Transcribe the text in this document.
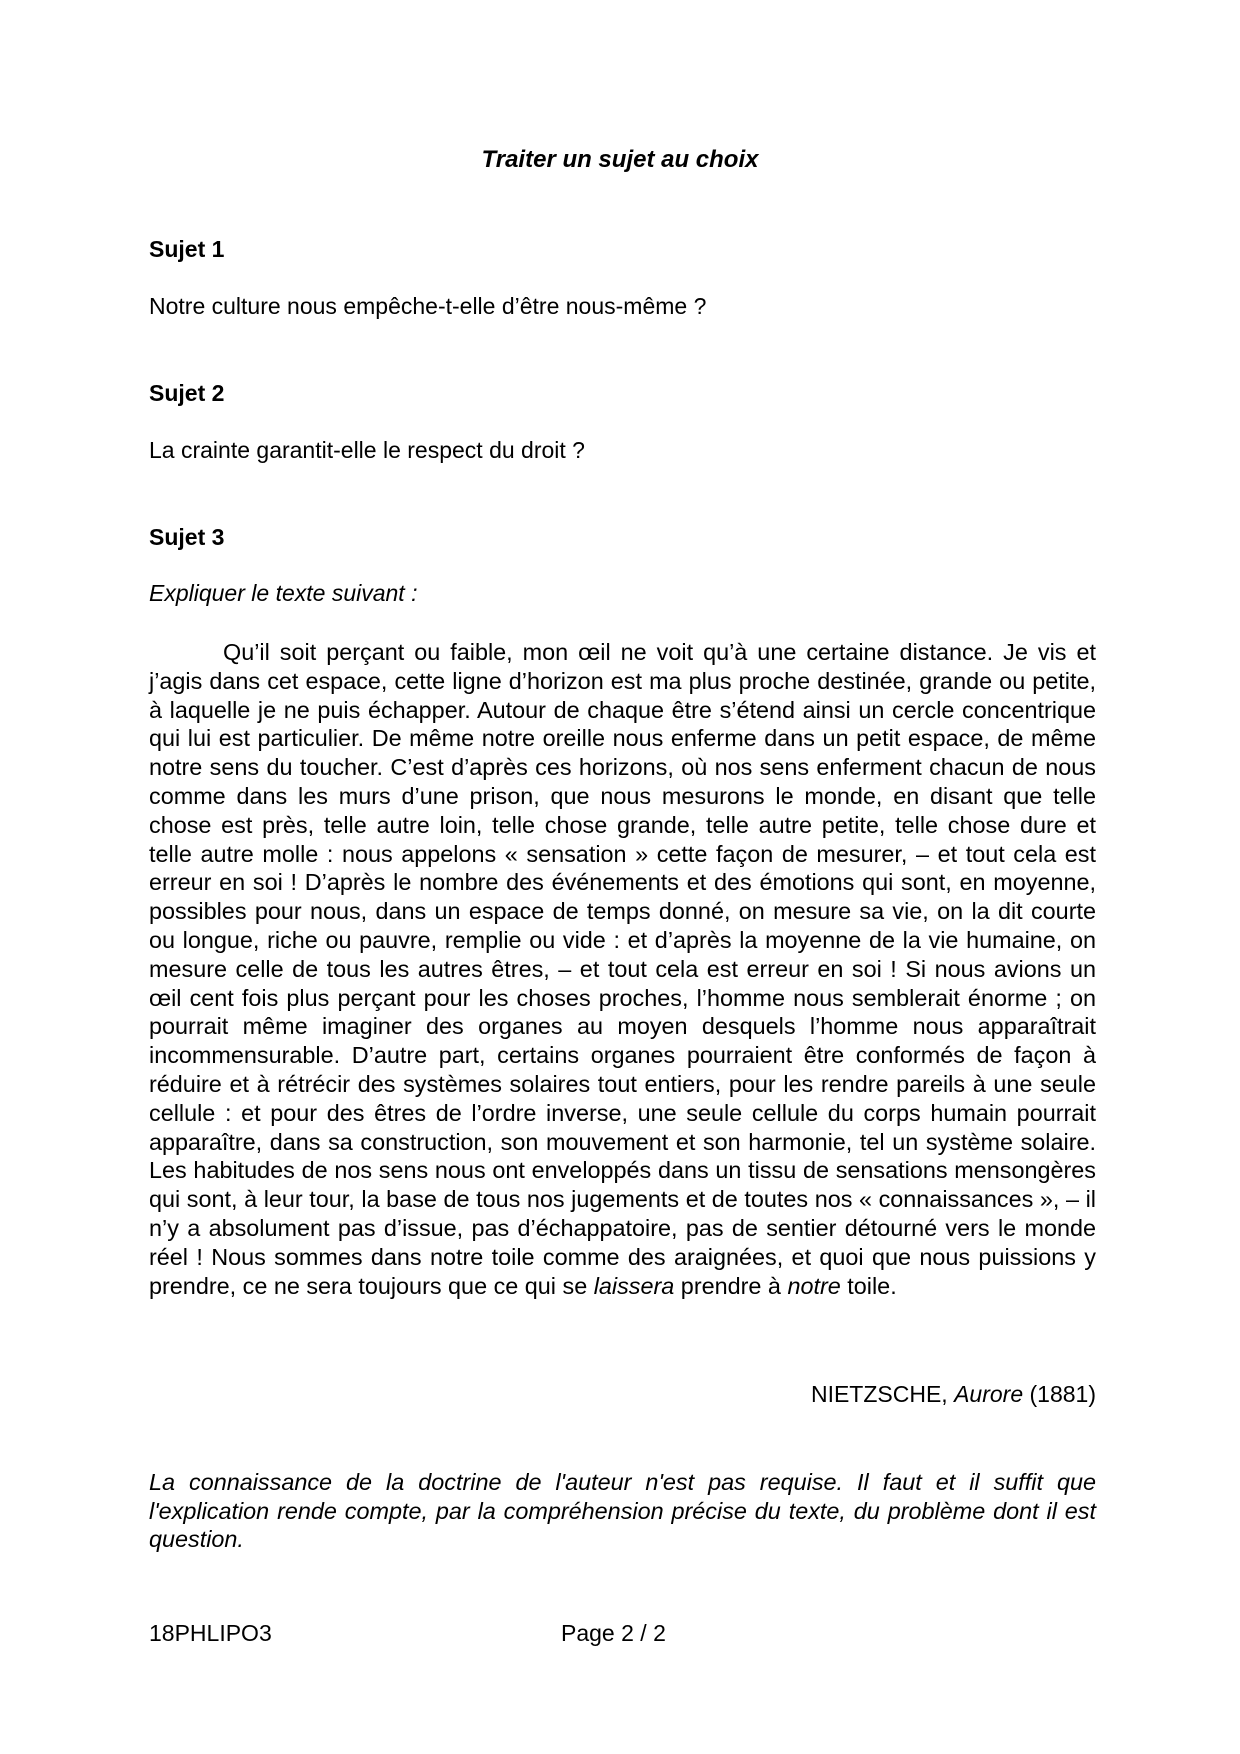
Traiter un sujet au choix

Sujet 1

Notre culture nous empêche-t-elle d’être nous-même ?

Sujet 2

La crainte garantit-elle le respect du droit ?

Sujet 3

Expliquer le texte suivant :

Qu’il soit perçant ou faible, mon œil ne voit qu’à une certaine distance. Je vis et j’agis dans cet espace, cette ligne d’horizon est ma plus proche destinée, grande ou petite, à laquelle je ne puis échapper. Autour de chaque être s’étend ainsi un cercle concentrique qui lui est particulier. De même notre oreille nous enferme dans un petit espace, de même notre sens du toucher. C’est d’après ces horizons, où nos sens enferment chacun de nous comme dans les murs d’une prison, que nous mesurons le monde, en disant que telle chose est près, telle autre loin, telle chose grande, telle autre petite, telle chose dure et telle autre molle : nous appelons « sensation » cette façon de mesurer, – et tout cela est erreur en soi ! D’après le nombre des événements et des émotions qui sont, en moyenne, possibles pour nous, dans un espace de temps donné, on mesure sa vie, on la dit courte ou longue, riche ou pauvre, remplie ou vide : et d’après la moyenne de la vie humaine, on mesure celle de tous les autres êtres, – et tout cela est erreur en soi ! Si nous avions un œil cent fois plus perçant pour les choses proches, l’homme nous semblerait énorme ; on pourrait même imaginer des organes au moyen desquels l’homme nous apparaîtrait incommensurable. D’autre part, certains organes pourraient être conformés de façon à réduire et à rétrécir des systèmes solaires tout entiers, pour les rendre pareils à une seule cellule : et pour des êtres de l’ordre inverse, une seule cellule du corps humain pourrait apparaître, dans sa construction, son mouvement et son harmonie, tel un système solaire. Les habitudes de nos sens nous ont enveloppés dans un tissu de sensations mensongères qui sont, à leur tour, la base de tous nos jugements et de toutes nos « connaissances », – il n’y a absolument pas d’issue, pas d’échappatoire, pas de sentier détourné vers le monde réel ! Nous sommes dans notre toile comme des araignées, et quoi que nous puissions y prendre, ce ne sera toujours que ce qui se laissera prendre à notre toile.

NIETZSCHE, Aurore (1881)

La connaissance de la doctrine de l'auteur n'est pas requise. Il faut et il suffit que l'explication rende compte, par la compréhension précise du texte, du problème dont il est question.

18PHLIPO3	Page 2 / 2
